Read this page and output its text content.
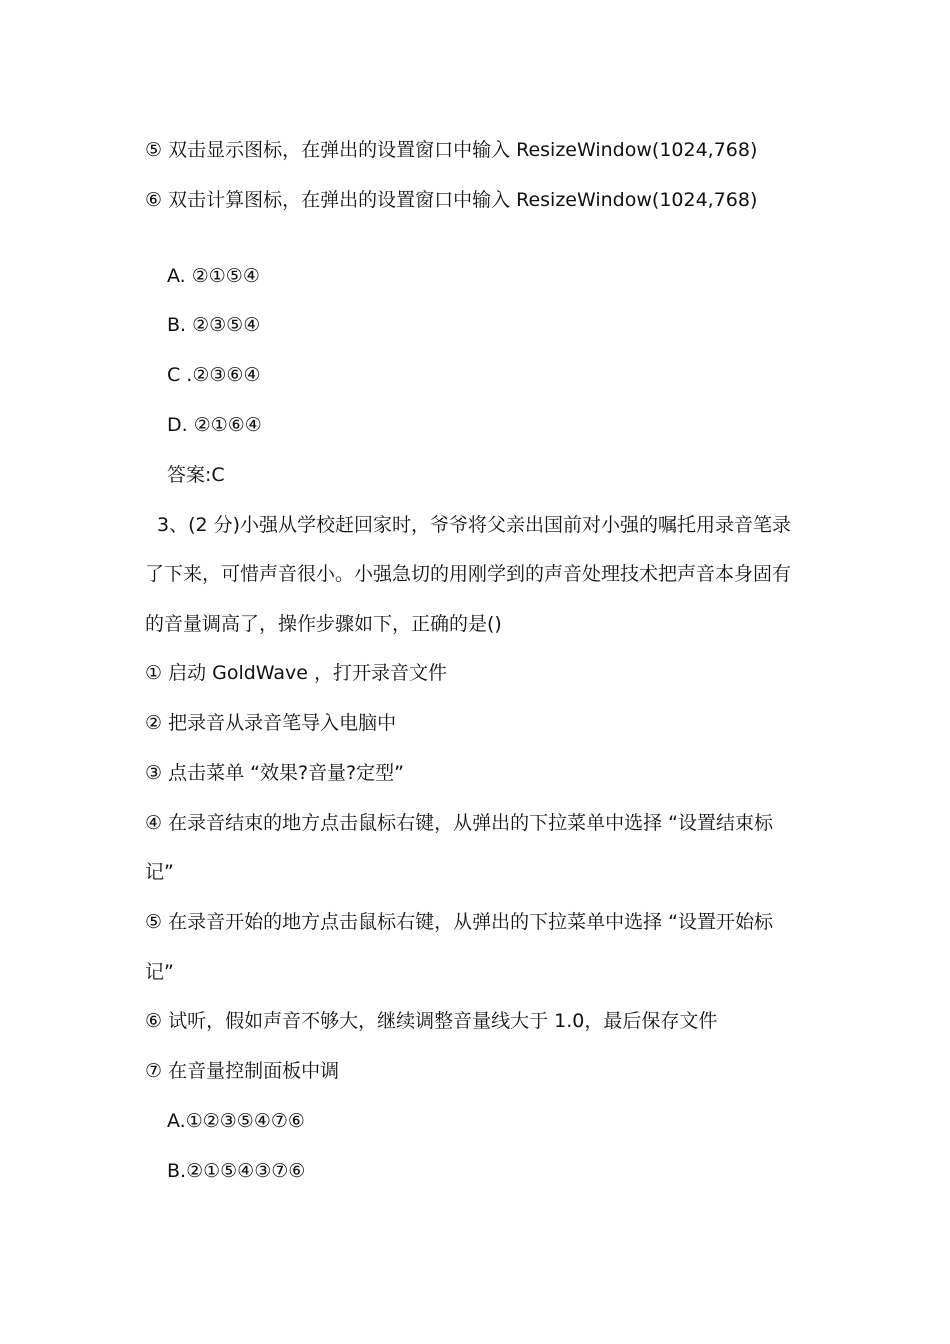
⑤ 双击显示图标，在弹出的设置窗口中输入 ResizeWindow(1024,768)

⑥ 双击计算图标，在弹出的设置窗口中输入 ResizeWindow(1024,768)

A. ②①⑤④

B. ②③⑤④

C .②③⑥④

D. ②①⑥④

答案:C

3、(2 分)小强从学校赶回家时，爷爷将父亲出国前对小强的嘱托用录音笔录

了下来，可惜声音很小。小强急切的用刚学到的声音处理技术把声音本身固有

的音量调高了，操作步骤如下，正确的是()

① 启动 GoldWave ，打开录音文件

② 把录音从录音笔导入电脑中

③ 点击菜单 “效果?音量?定型”

④ 在录音结束的地方点击鼠标右键，从弹出的下拉菜单中选择 “设置结束标

记”

⑤ 在录音开始的地方点击鼠标右键，从弹出的下拉菜单中选择 “设置开始标

记”

⑥ 试听，假如声音不够大，继续调整音量线大于 1.0，最后保存文件

⑦ 在音量控制面板中调

A.①②③⑤④⑦⑥

B.②①⑤④③⑦⑥
